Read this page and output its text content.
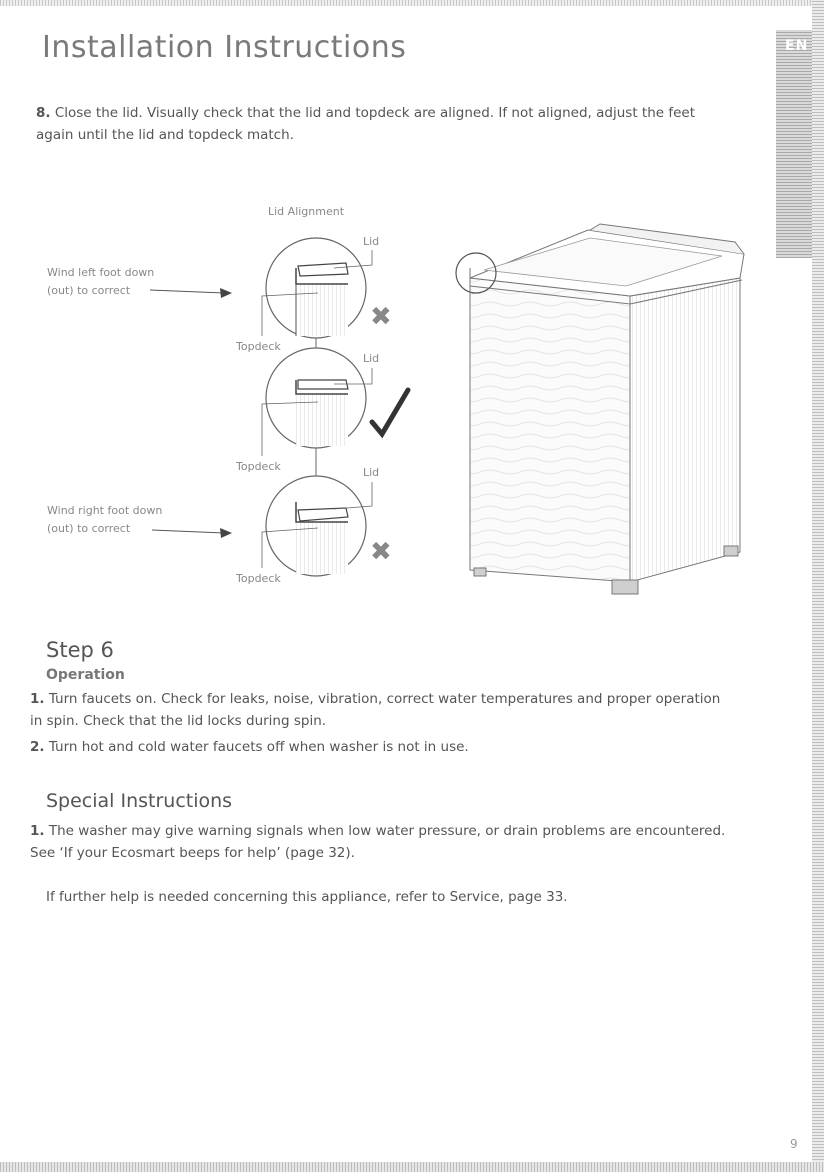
EN
Installation Instructions
8. Close the lid. Visually check that the lid and topdeck are aligned. If not aligned, adjust the feet again until the lid and topdeck match.
Lid Alignment
Wind left foot down
(out) to correct
Wind right foot down
(out) to correct
Lid
Topdeck
✖
Lid
Topdeck	Lid
Topdeck
✖
Step 6
Operation
1. Turn faucets on. Check for leaks, noise, vibration, correct water temperatures and proper operation in spin. Check that the lid locks during spin.
2. Turn hot and cold water faucets off when washer is not in use.
Special Instructions
1. The washer may give warning signals when low water pressure, or drain problems are encountered. See ‘If your Ecosmart beeps for help’ (page 32).
If further help is needed concerning this appliance, refer to Service, page 33.
9
